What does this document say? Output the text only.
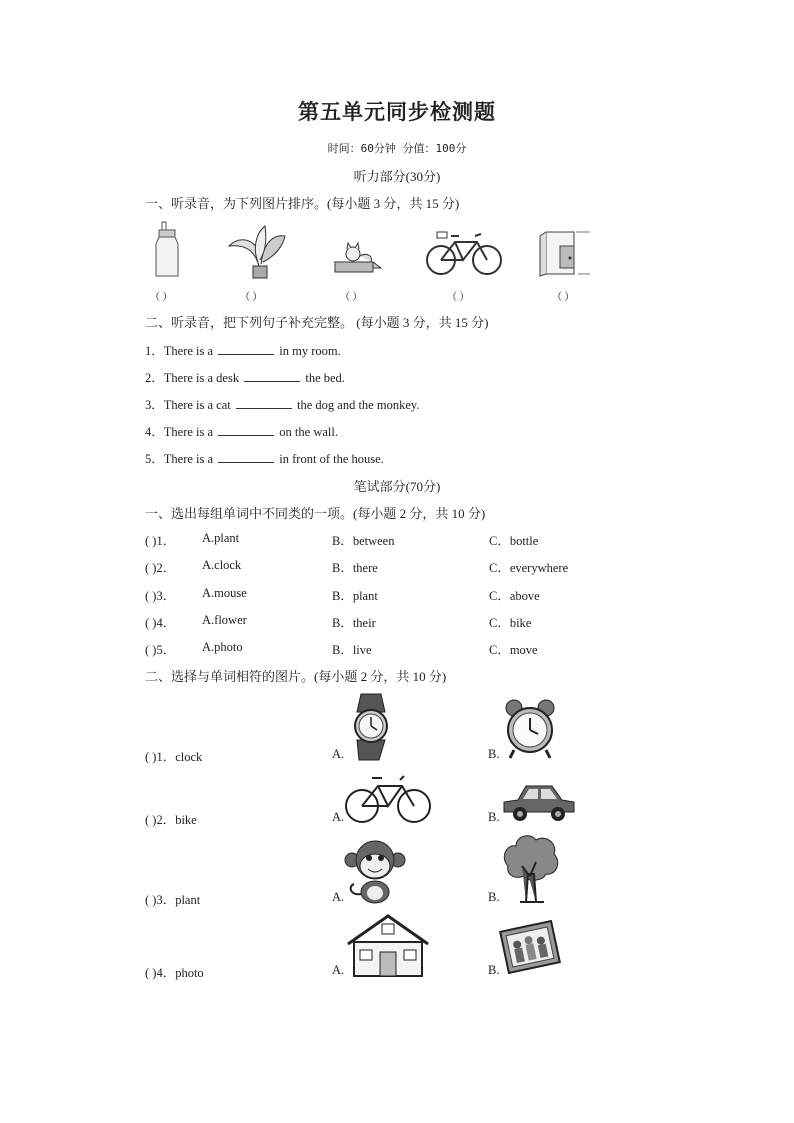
第五单元同步检测题
时间：60分钟 分值：100分
听力部分(30分)
一、听录音，为下列图片排序。(每小题 3 分，共 15 分)
（ ）	（ ）	（ ）	（ ）	（ ）
二、听录音，把下列句子补充完整。 (每小题 3 分，共 15 分)
1．There is a	in my room.
2．There is a desk	the bed.
3．There is a cat	the dog and the monkey.
4．There is a	on the wall.
5．There is a	in front of the house.
笔试部分(70分)
一、选出每组单词中不同类的一项。(每小题 2 分，共 10 分)
( )1． A.plant	B．between	C．bottle
( )2． A.clock	B．there	C．everywhere
( )3． A.mouse	B．plant	C．above
( )4． A.flower	B．their	C．bike
( )5． A.photo	B．live	C．move
二、选择与单词相符的图片。(每小题 2 分，共 10 分)
( )1．clock	A.	B.
( )2．bike	A.	B.
( )3．plant	A.	B.
( )4．photo	A.	B.
